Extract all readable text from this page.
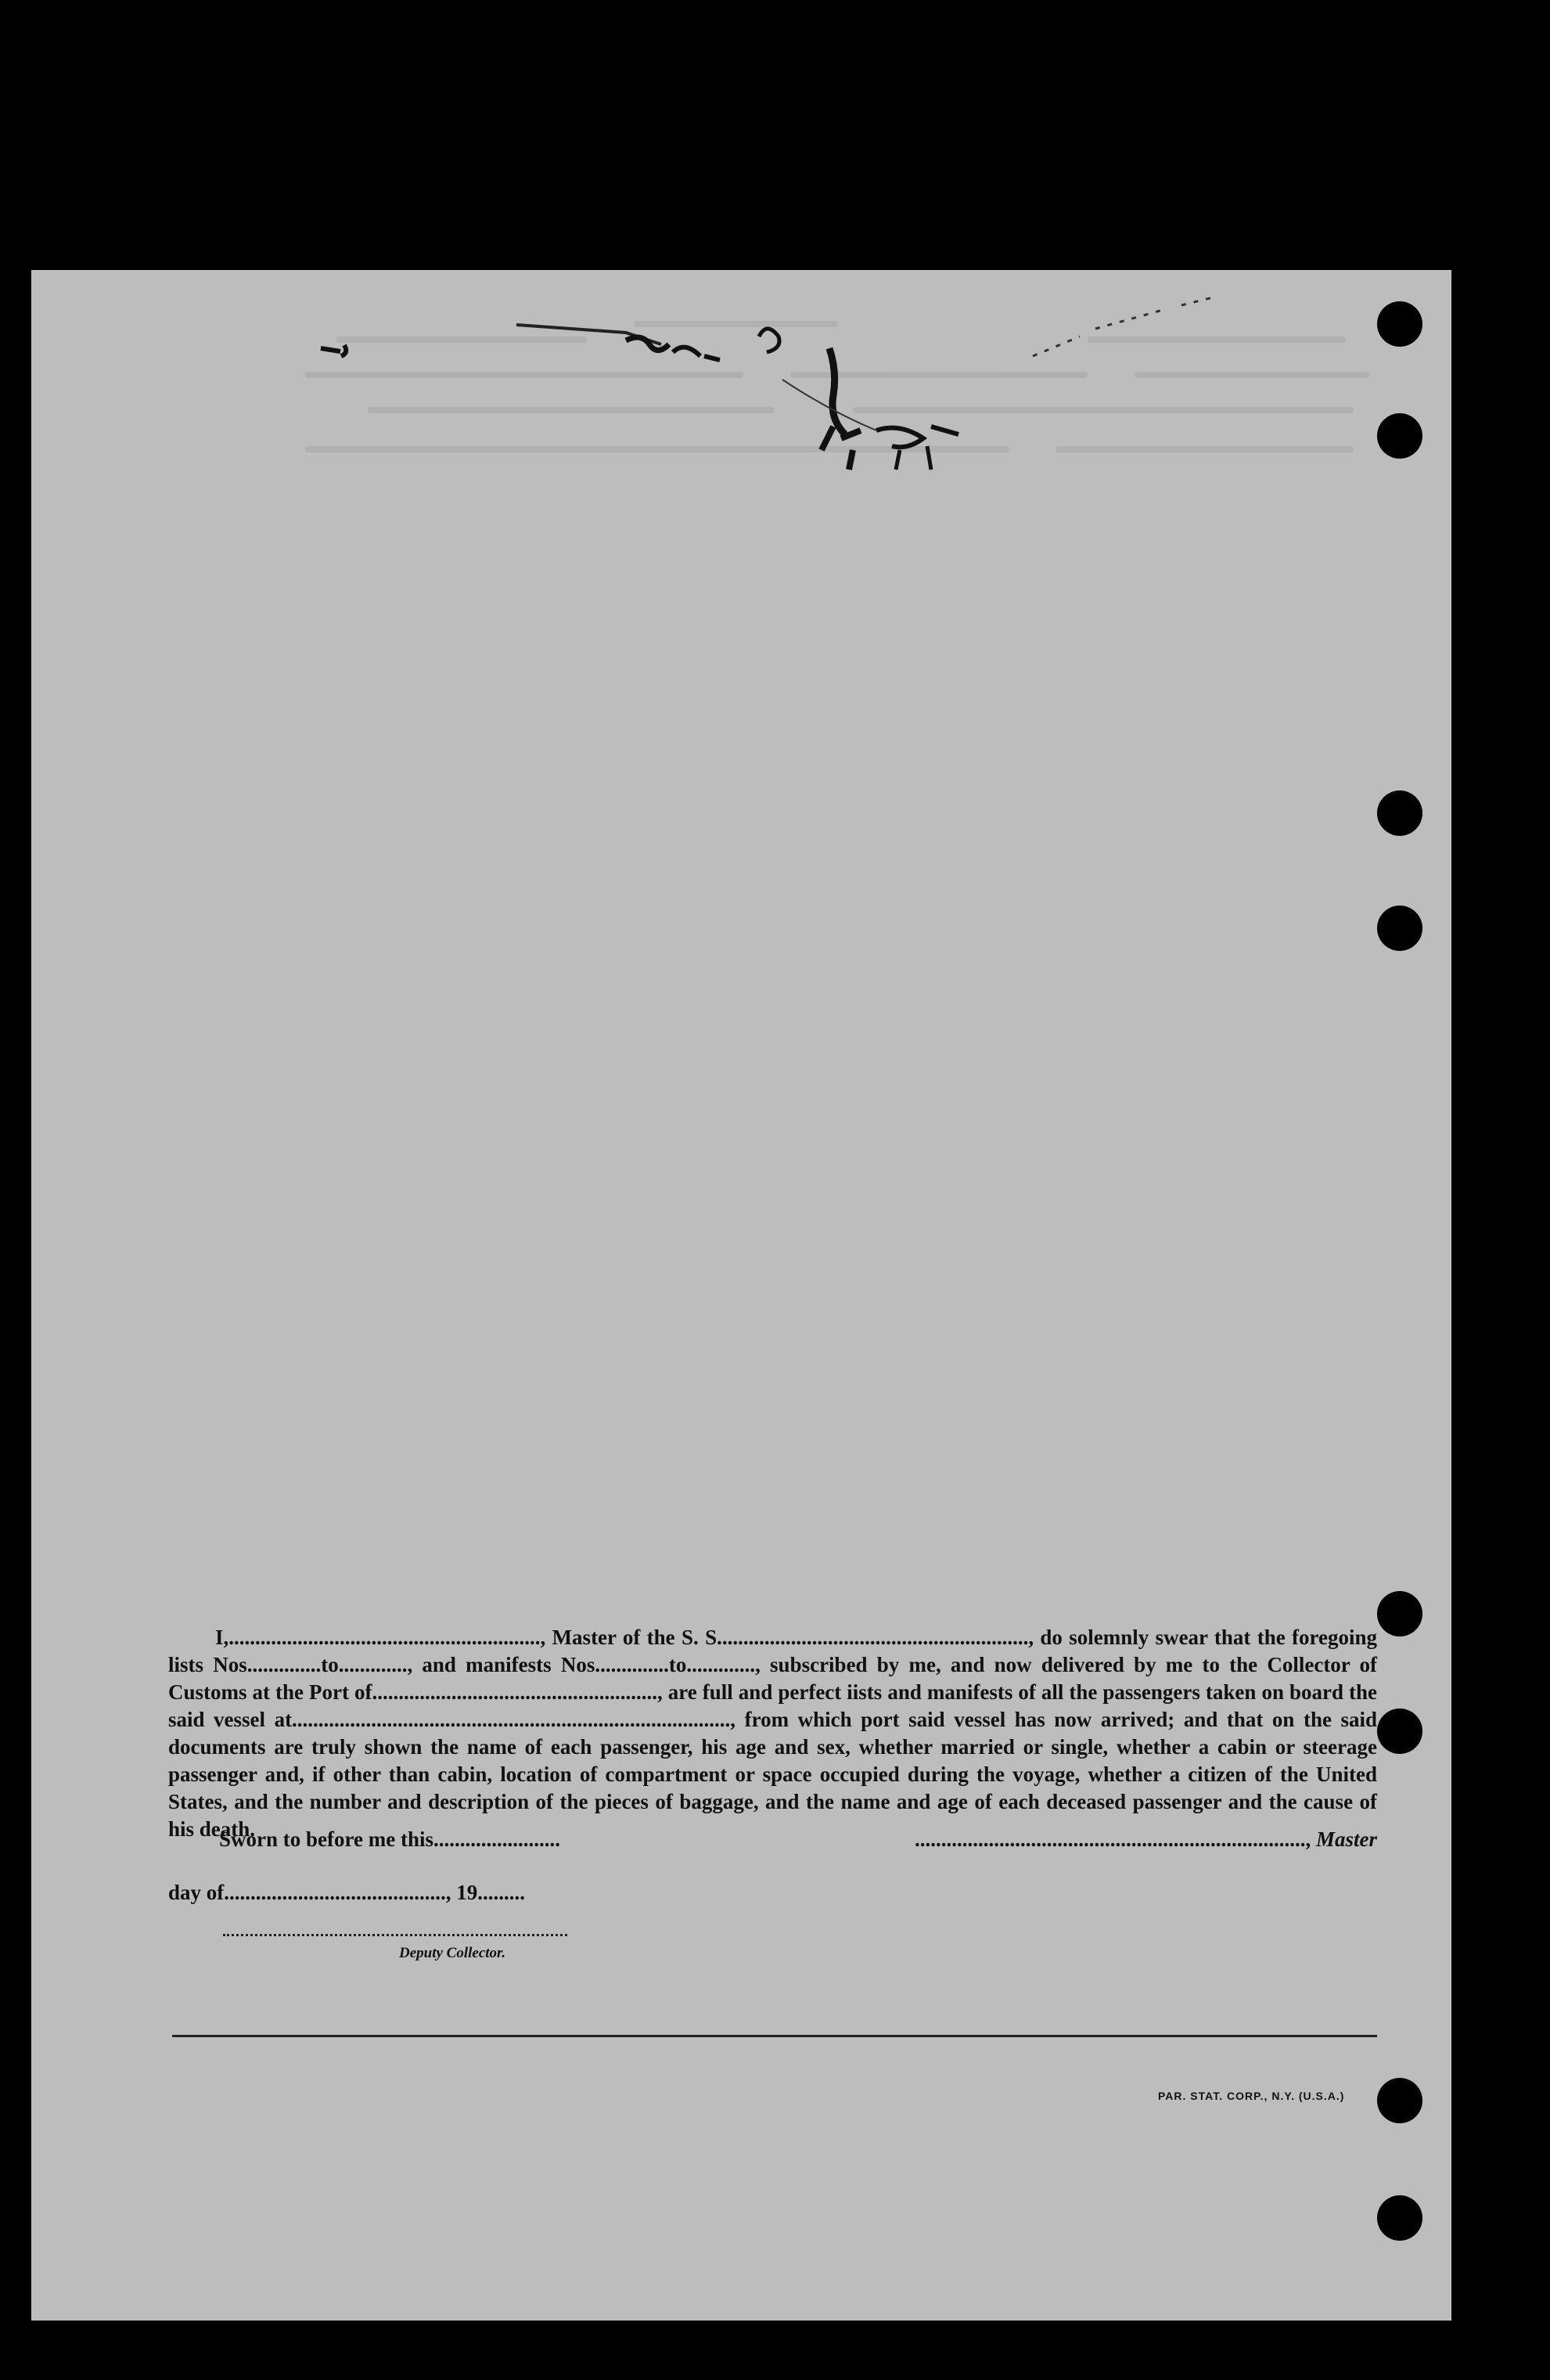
I,..........................................................., Master of the S. S..........................................................., do solemnly swear that the foregoing lists Nos..............to............., and manifests Nos..............to............., subscribed by me, and now delivered by me to the Collector of Customs at the Port of......................................................, are full and perfect iists and manifests of all the passengers taken on board the said vessel at..................................................................................., from which port said vessel has now arrived; and that on the said documents are truly shown the name of each passenger, his age and sex, whether married or single, whether a cabin or steerage passenger and, if other than cabin, location of compartment or space occupied during the voyage, whether a citizen of the United States, and the number and description of the pieces of baggage, and the name and age of each deceased passenger and the cause of his death.

Sworn to before me this........................	.........................................................................., Master
day of.........................................., 19.........
Deputy Collector.
PAR. STAT. CORP., N.Y. (U.S.A.)
